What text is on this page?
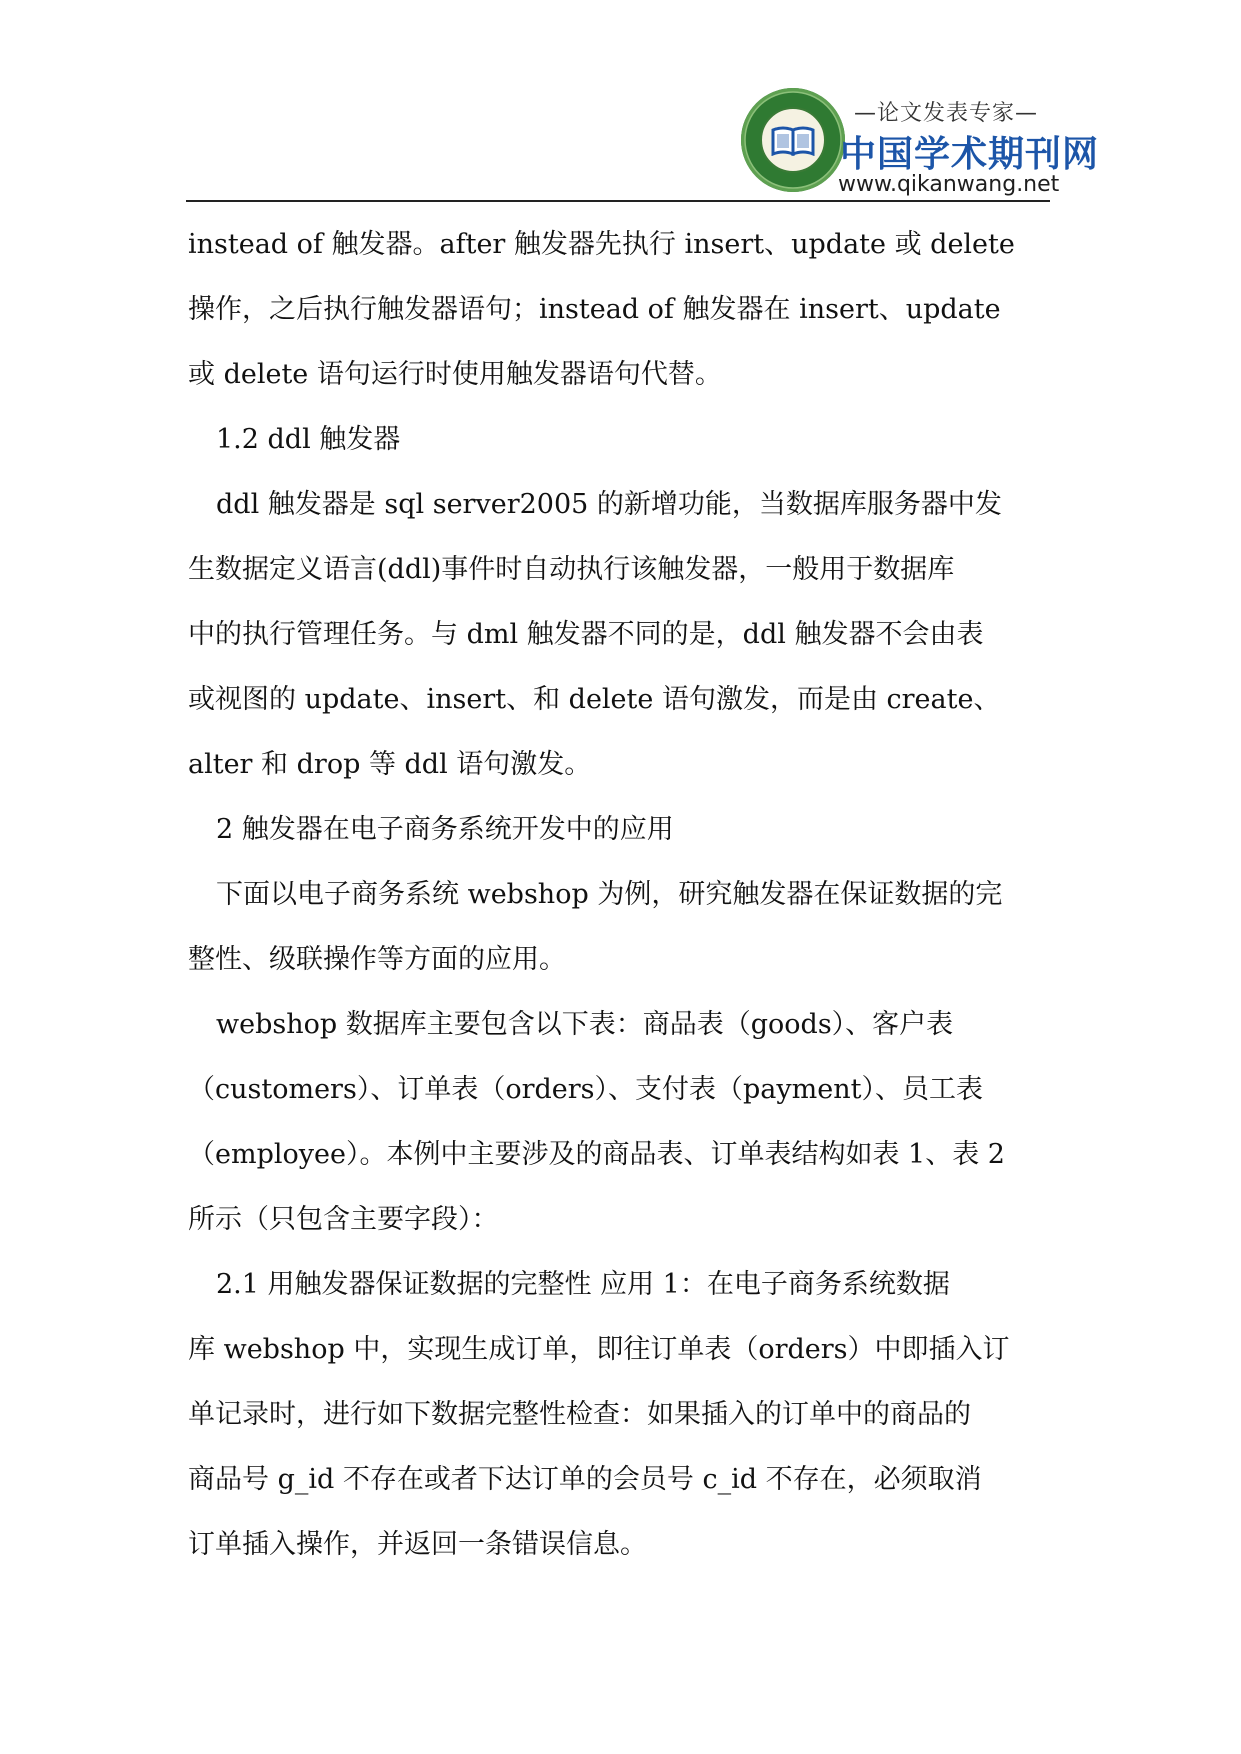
—论文发表专家—
中国学术期刊网
www.qikanwang.net
instead of 触发器。after 触发器先执行 insert、update 或 delete
操作，之后执行触发器语句；instead of 触发器在 insert、update
或 delete 语句运行时使用触发器语句代替。
1.2 ddl 触发器
ddl 触发器是 sql server2005 的新增功能，当数据库服务器中发
生数据定义语言(ddl)事件时自动执行该触发器，一般用于数据库
中的执行管理任务。与 dml 触发器不同的是，ddl 触发器不会由表
或视图的 update、insert、和 delete 语句激发，而是由 create、
alter 和 drop 等 ddl 语句激发。
2 触发器在电子商务系统开发中的应用
下面以电子商务系统 webshop 为例，研究触发器在保证数据的完
整性、级联操作等方面的应用。
webshop 数据库主要包含以下表：商品表（goods）、客户表
（customers）、订单表（orders）、支付表（payment）、员工表
（employee）。本例中主要涉及的商品表、订单表结构如表 1、表 2
所示（只包含主要字段）：
2.1 用触发器保证数据的完整性 应用 1：在电子商务系统数据
库 webshop 中，实现生成订单，即往订单表（orders）中即插入订
单记录时，进行如下数据完整性检查：如果插入的订单中的商品的
商品号 g_id 不存在或者下达订单的会员号 c_id 不存在，必须取消
订单插入操作，并返回一条错误信息。
